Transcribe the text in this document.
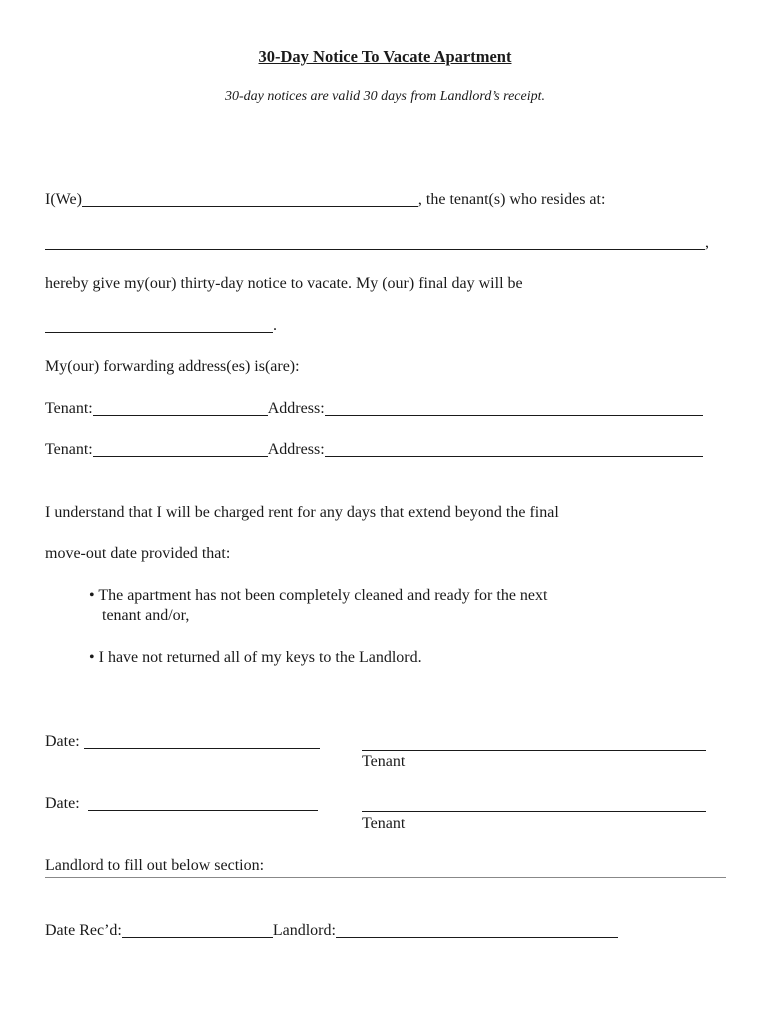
30-Day Notice To Vacate Apartment
30-day notices are valid 30 days from Landlord’s receipt.
I(We)	, the tenant(s) who resides at:
,
hereby give my(our) thirty-day notice to vacate. My (our) final day will be
.
My(our) forwarding address(es) is(are):
Tenant:	Address:
Tenant:	Address:
I understand that I will be charged rent for any days that extend beyond the final
move-out date provided that:
• The apartment has not been completely cleaned and ready for the next
tenant and/or,
• I have not returned all of my keys to the Landlord.
Date:
Tenant
Date:
Tenant
Landlord to fill out below section:
Date Rec’d:	Landlord:
